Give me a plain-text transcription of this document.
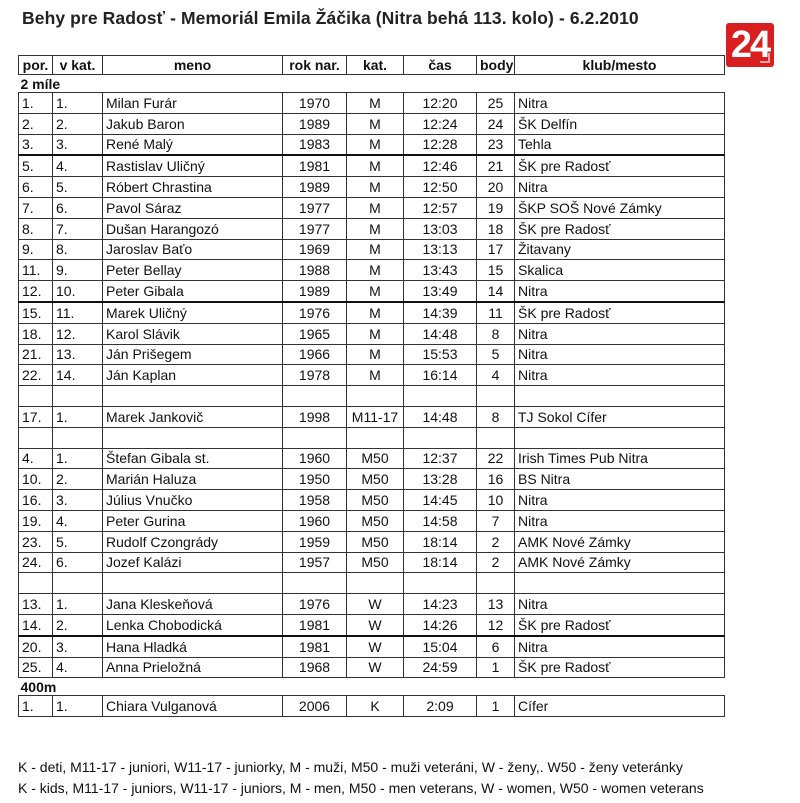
Behy pre Radosť - Memoriál Emila Žáčika (Nitra behá 113. kolo) - 6.2.2010
24
por.	v kat.	meno	rok nar.	kat.	čas	body	klub/mesto
2 míle							
1.	1.	Milan Furár	1970	M	12:20	25	Nitra
2.	2.	Jakub Baron	1989	M	12:24	24	ŠK Delfín
3.	3.	René Malý	1983	M	12:28	23	Tehla
5.	4.	Rastislav Uličný	1981	M	12:46	21	ŠK pre Radosť
6.	5.	Róbert Chrastina	1989	M	12:50	20	Nitra
7.	6.	Pavol Sáraz	1977	M	12:57	19	ŠKP SOŠ Nové Zámky
8.	7.	Dušan Harangozó	1977	M	13:03	18	ŠK pre Radosť
9.	8.	Jaroslav Baťo	1969	M	13:13	17	Žitavany
11.	9.	Peter Bellay	1988	M	13:43	15	Skalica
12.	10.	Peter Gibala	1989	M	13:49	14	Nitra
15.	11.	Marek Uličný	1976	M	14:39	11	ŠK pre Radosť
18.	12.	Karol Slávik	1965	M	14:48	8	Nitra
21.	13.	Ján Prišegem	1966	M	15:53	5	Nitra
22.	14.	Ján Kaplan	1978	M	16:14	4	Nitra

17.	1.	Marek Jankovič	1998	M11-17	14:48	8	TJ Sokol Cífer

4.	1.	Štefan Gibala st.	1960	M50	12:37	22	Irish Times Pub Nitra
10.	2.	Marián Haluza	1950	M50	13:28	16	BS Nitra
16.	3.	Július Vnučko	1958	M50	14:45	10	Nitra
19.	4.	Peter Gurina	1960	M50	14:58	7	Nitra
23.	5.	Rudolf Czongrády	1959	M50	18:14	2	AMK Nové Zámky
24.	6.	Jozef Kalázi	1957	M50	18:14	2	AMK Nové Zámky

13.	1.	Jana Kleskeňová	1976	W	14:23	13	Nitra
14.	2.	Lenka Chobodická	1981	W	14:26	12	ŠK pre Radosť
20.	3.	Hana Hladká	1981	W	15:04	6	Nitra
25.	4.	Anna Prieložná	1968	W	24:59	1	ŠK pre Radosť
400m							
1.	1.	Chiara Vulganová	2006	K	2:09	1	Cífer
K - deti, M11-17 - juniori, W11-17 - juniorky, M - muži, M50 - muži veteráni, W - ženy,. W50 - ženy veteránky
K - kids, M11-17 - juniors, W11-17 - juniors, M - men, M50 - men veterans, W - women, W50 - women veterans
